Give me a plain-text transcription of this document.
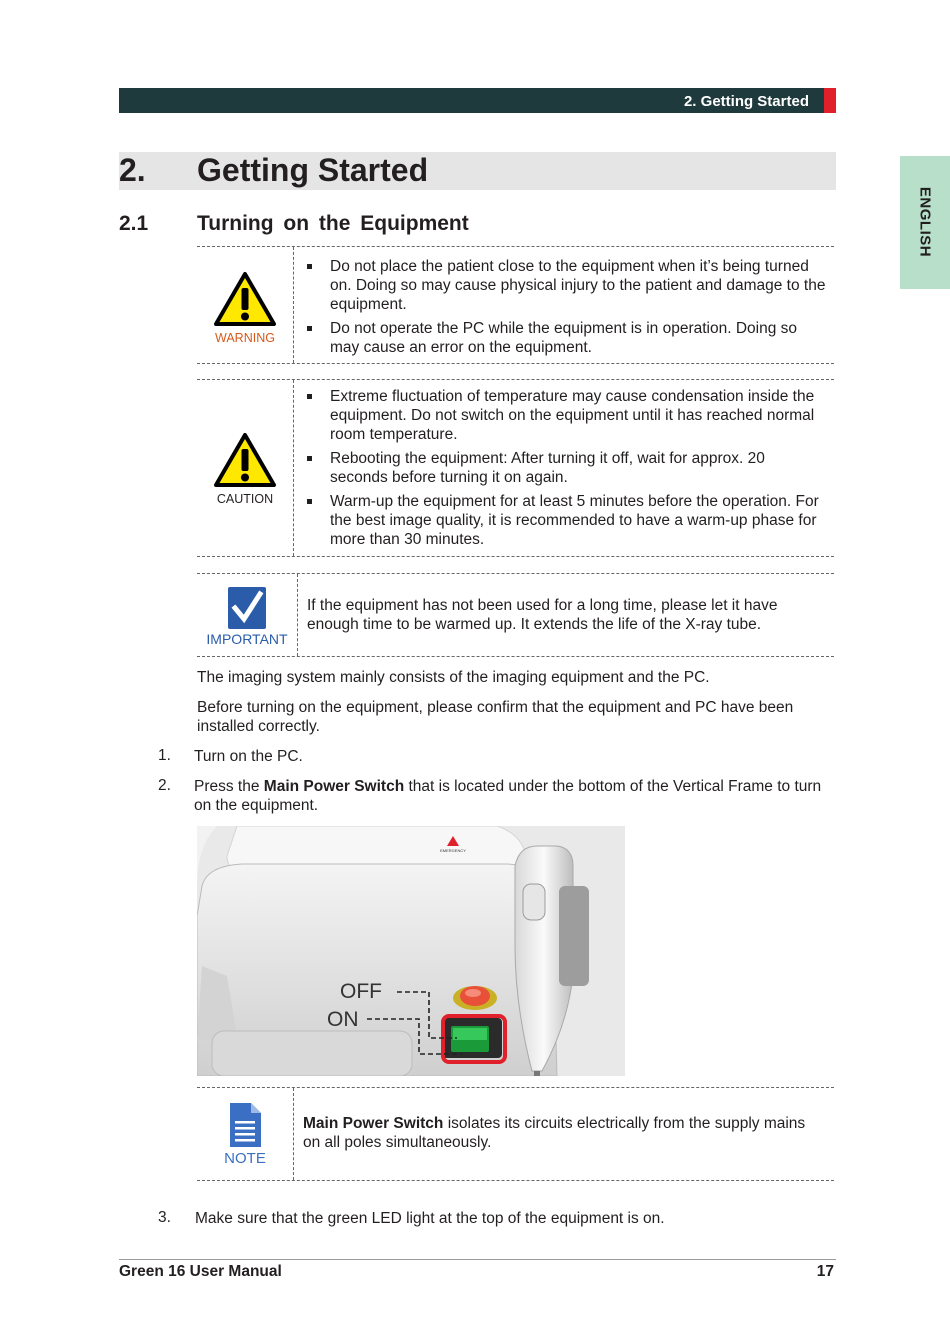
2. Getting Started
ENGLISH
2. Getting Started
2.1 Turning on the Equipment
WARNING
Do not place the patient close to the equipment when it’s being turned on. Doing so may cause physical injury to the patient and damage to the equipment.
Do not operate the PC while the equipment is in operation. Doing so may cause an error on the equipment.
CAUTION
Extreme fluctuation of temperature may cause condensation inside the equipment. Do not switch on the equipment until it has reached normal room temperature.
Rebooting the equipment: After turning it off, wait for approx. 20 seconds before turning it on again.
Warm-up the equipment for at least 5 minutes before the operation. For the best image quality, it is recommended to have a warm-up phase for more than 30 minutes.
IMPORTANT
If the equipment has not been used for a long time, please let it have enough time to be warmed up. It extends the life of the X-ray tube.
The imaging system mainly consists of the imaging equipment and the PC.
Before turning on the equipment, please confirm that the equipment and PC have been installed correctly.
1. Turn on the PC.
2. Press the Main Power Switch that is located under the bottom of the Vertical Frame to turn on the equipment.
EMERGENCY
OFF
ON
NOTE
Main Power Switch isolates its circuits electrically from the supply mains on all poles simultaneously.
3. Make sure that the green LED light at the top of the equipment is on.
Green 16 User Manual	17
